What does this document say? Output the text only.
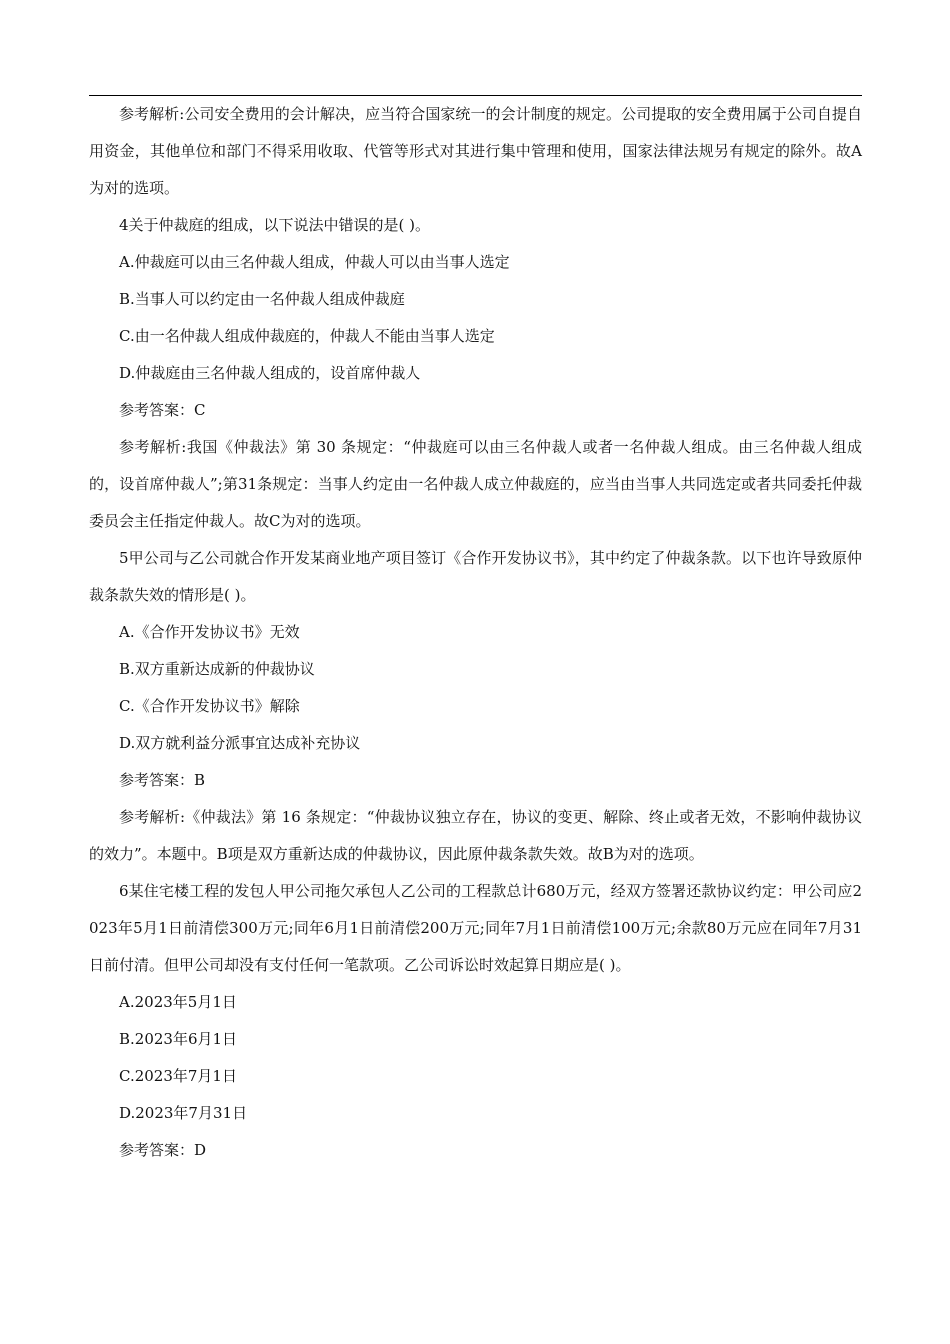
参考解析:公司安全费用的会计解决，应当符合国家统一的会计制度的规定。公司提取的安全费用属于公司自提自用资金，其他单位和部门不得采用收取、代管等形式对其进行集中管理和使用，国家法律法规另有规定的除外。故A为对的选项。

4关于仲裁庭的组成，以下说法中错误的是( )。

A.仲裁庭可以由三名仲裁人组成，仲裁人可以由当事人选定

B.当事人可以约定由一名仲裁人组成仲裁庭

C.由一名仲裁人组成仲裁庭的，仲裁人不能由当事人选定

D.仲裁庭由三名仲裁人组成的，设首席仲裁人

参考答案：C

参考解析:我国《仲裁法》第 30 条规定：“仲裁庭可以由三名仲裁人或者一名仲裁人组成。由三名仲裁人组成的，设首席仲裁人”;第31条规定：当事人约定由一名仲裁人成立仲裁庭的，应当由当事人共同选定或者共同委托仲裁委员会主任指定仲裁人。故C为对的选项。

5甲公司与乙公司就合作开发某商业地产项目签订《合作开发协议书》，其中约定了仲裁条款。以下也许导致原仲裁条款失效的情形是( )。

A.《合作开发协议书》无效

B.双方重新达成新的仲裁协议

C.《合作开发协议书》解除

D.双方就利益分派事宜达成补充协议

参考答案：B

参考解析:《仲裁法》第 16 条规定：“仲裁协议独立存在，协议的变更、解除、终止或者无效，不影响仲裁协议的效力”。本题中。B项是双方重新达成的仲裁协议，因此原仲裁条款失效。故B为对的选项。

6某住宅楼工程的发包人甲公司拖欠承包人乙公司的工程款总计680万元，经双方签署还款协议约定：甲公司应2023年5月1日前清偿300万元;同年6月1日前清偿200万元;同年7月1日前清偿100万元;余款80万元应在同年7月31日前付清。但甲公司却没有支付任何一笔款项。乙公司诉讼时效起算日期应是( )。

A.2023年5月1日

B.2023年6月1日

C.2023年7月1日

D.2023年7月31日

参考答案：D
